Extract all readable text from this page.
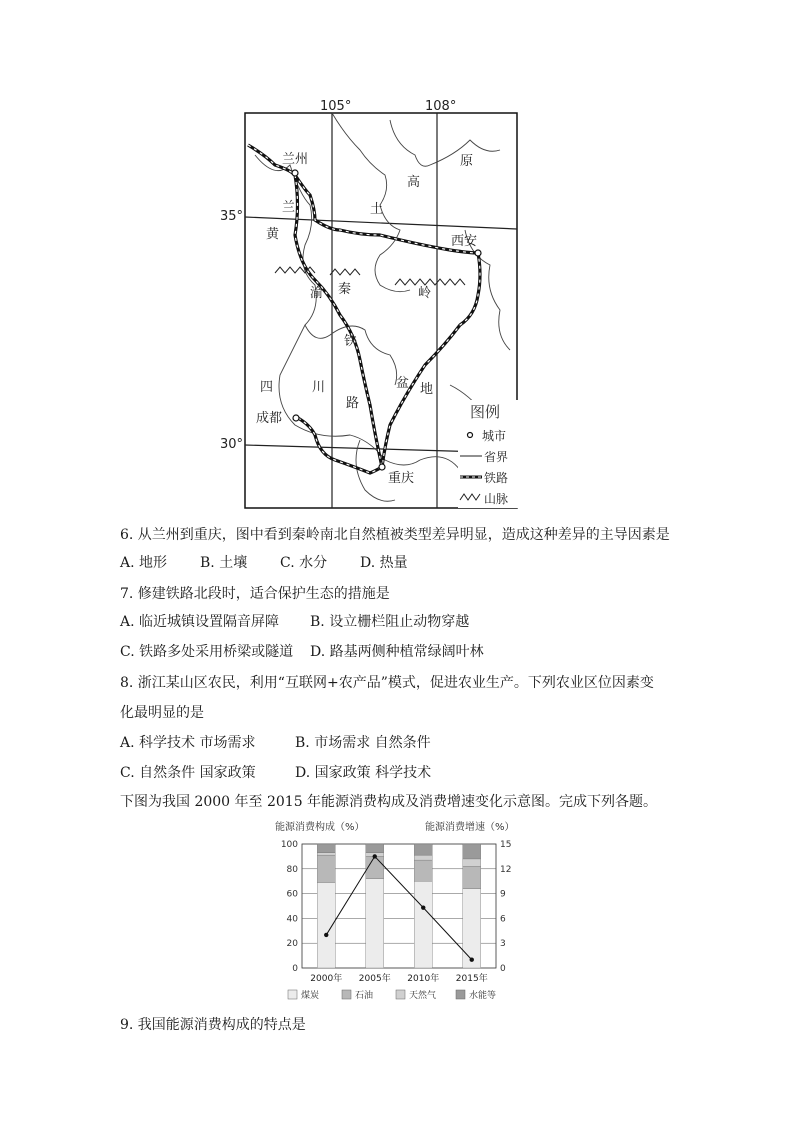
105°	108°
35°
30°
兰州
西安
成都
重庆
高
原
兰	土
黄
秦	岭
渝
铁
路
四	川	盆 地
图例
城市
省界
铁路
山脉
6. 从兰州到重庆，图中看到秦岭南北自然植被类型差异明显，造成这种差异的主导因素是
A. 地形 B. 土壤 C. 水分 D. 热量
7. 修建铁路北段时，适合保护生态的措施是
A. 临近城镇设置隔音屏障 B. 设立栅栏阻止动物穿越
C. 铁路多处采用桥梁或隧道 D. 路基两侧种植常绿阔叶林
8. 浙江某山区农民，利用“互联网+农产品”模式，促进农业生产。下列农业区位因素变
化最明显的是
A. 科学技术 市场需求	B. 市场需求 自然条件
C. 自然条件 国家政策	D. 国家政策 科学技术
下图为我国 2000 年至 2015 年能源消费构成及消费增速变化示意图。完成下列各题。
能源消费构成（%）	能源消费增速（%）
0
20
40
60
80
100
0
3
6
9
12
15
2000年 2005年 2010年 2015年
煤炭	石油	天然气	水能等
9. 我国能源消费构成的特点是
